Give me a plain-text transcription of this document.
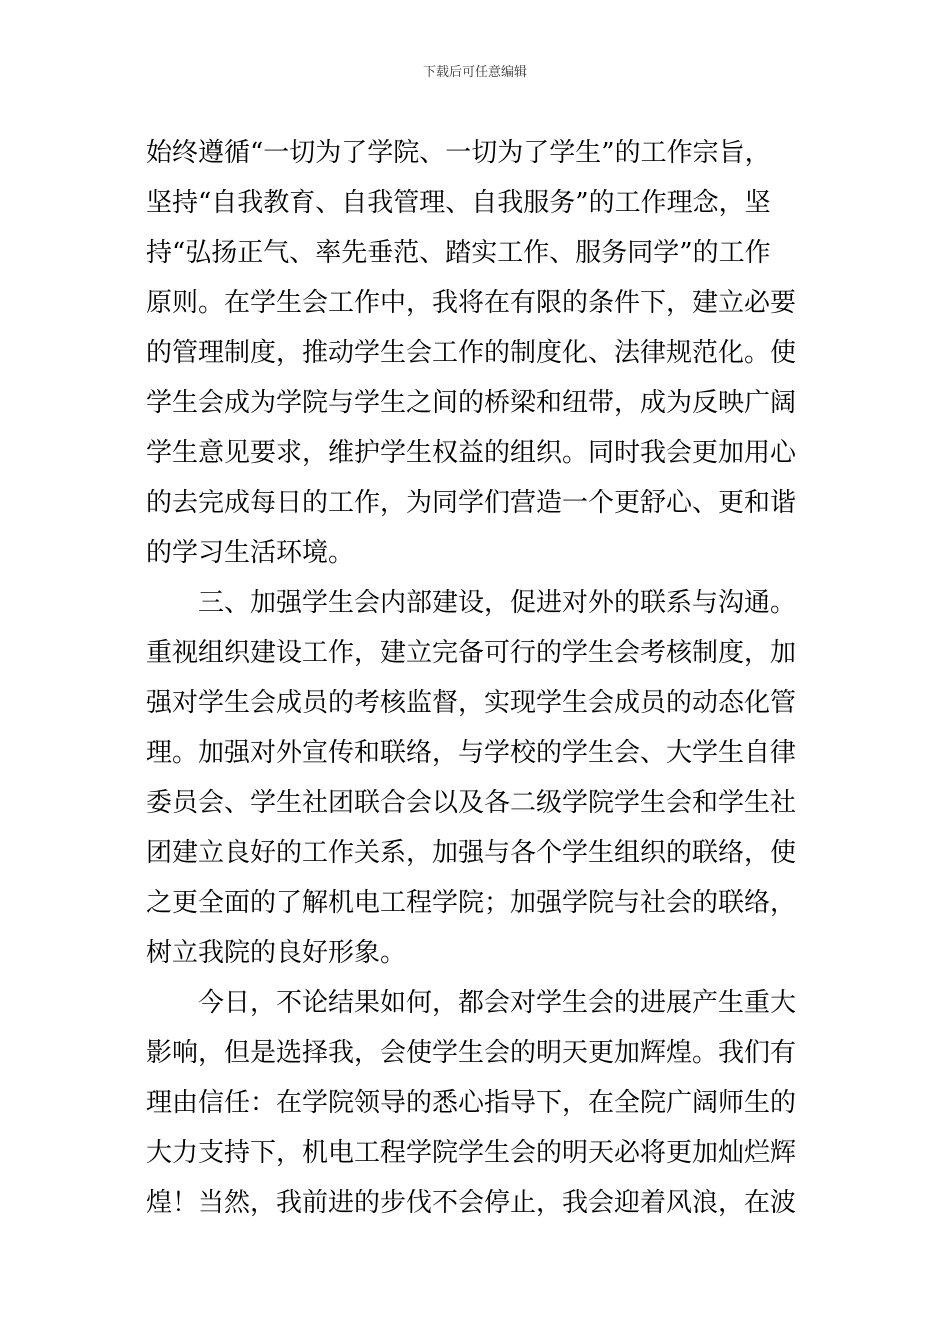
下载后可任意编辑
始终遵循“一切为了学院、一切为了学生”的工作宗旨，
坚持“自我教育、自我管理、自我服务”的工作理念，坚
持“弘扬正气、率先垂范、踏实工作、服务同学”的工作
原则。在学生会工作中，我将在有限的条件下，建立必要
的管理制度，推动学生会工作的制度化、法律规范化。使
学生会成为学院与学生之间的桥梁和纽带，成为反映广阔
学生意见要求，维护学生权益的组织。同时我会更加用心
的去完成每日的工作，为同学们营造一个更舒心、更和谐
的学习生活环境。
　　三、加强学生会内部建设，促进对外的联系与沟通。
重视组织建设工作，建立完备可行的学生会考核制度，加
强对学生会成员的考核监督，实现学生会成员的动态化管
理。加强对外宣传和联络，与学校的学生会、大学生自律
委员会、学生社团联合会以及各二级学院学生会和学生社
团建立良好的工作关系，加强与各个学生组织的联络，使
之更全面的了解机电工程学院；加强学院与社会的联络，
树立我院的良好形象。
　　今日，不论结果如何，都会对学生会的进展产生重大
影响，但是选择我，会使学生会的明天更加辉煌。我们有
理由信任：在学院领导的悉心指导下，在全院广阔师生的
大力支持下，机电工程学院学生会的明天必将更加灿烂辉
煌！当然，我前进的步伐不会停止，我会迎着风浪，在波
